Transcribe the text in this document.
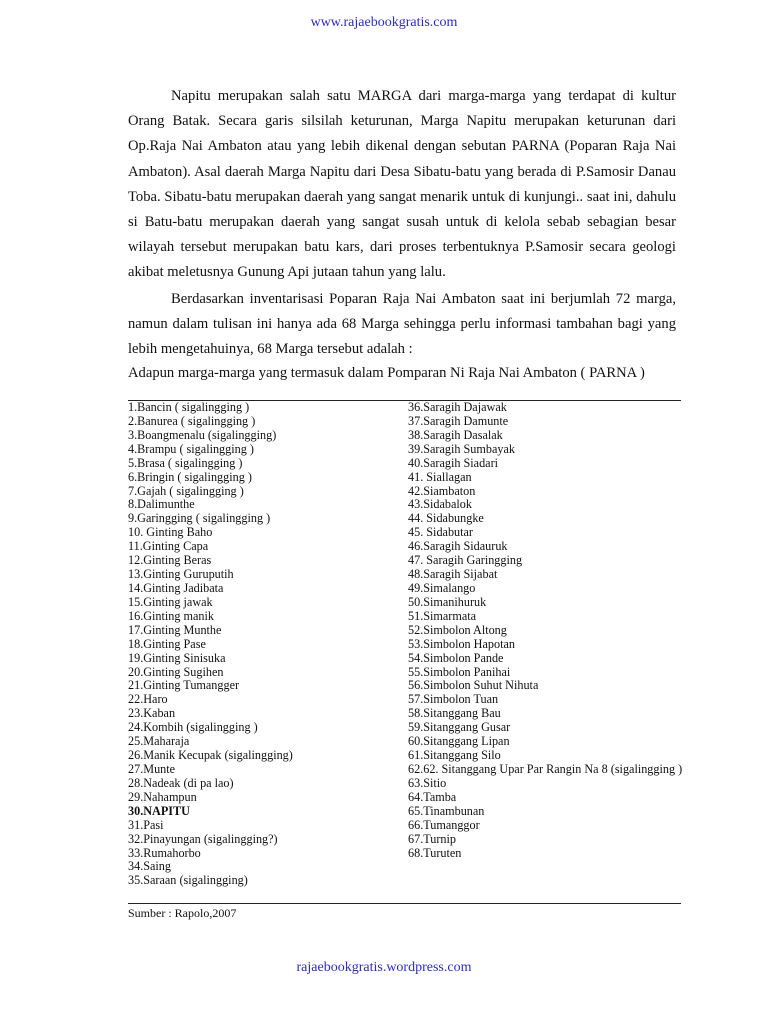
www.rajaebookgratis.com

Napitu merupakan salah satu MARGA dari marga-marga yang terdapat di kultur Orang Batak. Secara garis silsilah keturunan, Marga Napitu merupakan keturunan dari Op.Raja Nai Ambaton atau yang lebih dikenal dengan sebutan PARNA (Poparan Raja Nai Ambaton). Asal daerah Marga Napitu dari Desa Sibatu-batu yang berada di P.Samosir Danau Toba. Sibatu-batu merupakan daerah yang sangat menarik untuk di kunjungi.. saat ini, dahulu si Batu-batu merupakan daerah yang sangat susah untuk di kelola sebab sebagian besar wilayah tersebut merupakan batu kars, dari proses terbentuknya P.Samosir secara geologi akibat meletusnya Gunung Api jutaan tahun yang lalu.

Berdasarkan inventarisasi Poparan Raja Nai Ambaton saat ini berjumlah 72 marga, namun dalam tulisan ini hanya ada 68 Marga sehingga perlu informasi tambahan bagi yang lebih mengetahuinya, 68 Marga tersebut adalah :

Adapun marga-marga yang termasuk dalam Pomparan Ni Raja Nai Ambaton ( PARNA )

1.Bancin ( sigalingging )
2.Banurea ( sigalingging )
3.Boangmenalu (sigalingging)
4.Brampu ( sigalingging )
5.Brasa ( sigalingging )
6.Bringin ( sigalingging )
7.Gajah ( sigalingging )
8.Dalimunthe
9.Garingging ( sigalingging )
10. Ginting Baho
11.Ginting Capa
12.Ginting Beras
13.Ginting Guruputih
14.Ginting Jadibata
15.Ginting jawak
16.Ginting manik
17.Ginting Munthe
18.Ginting Pase
19.Ginting Sinisuka
20.Ginting Sugihen
21.Ginting Tumangger
22.Haro
23.Kaban
24.Kombih (sigalingging )
25.Maharaja
26.Manik Kecupak (sigalingging)
27.Munte
28.Nadeak (di pa lao)
29.Nahampun
30.NAPITU
31.Pasi
32.Pinayungan (sigalingging?)
33.Rumahorbo
34.Saing
35.Saraan (sigalingging)
36.Saragih Dajawak
37.Saragih Damunte
38.Saragih Dasalak
39.Saragih Sumbayak
40.Saragih Siadari
41. Siallagan
42.Siambaton
43.Sidabalok
44. Sidabungke
45. Sidabutar
46.Saragih Sidauruk
47. Saragih Garingging
48.Saragih Sijabat
49.Simalango
50.Simanihuruk
51.Simarmata
52.Simbolon Altong
53.Simbolon Hapotan
54.Simbolon Pande
55.Simbolon Panihai
56.Simbolon Suhut Nihuta
57.Simbolon Tuan
58.Sitanggang Bau
59.Sitanggang Gusar
60.Sitanggang Lipan
61.Sitanggang Silo
62.62. Sitanggang Upar Par Rangin Na 8 (sigalingging )
63.Sitio
64.Tamba
65.Tinambunan
66.Tumanggor
67.Turnip
68.Turuten
Sumber : Rapolo,2007
rajaebookgratis.wordpress.com
